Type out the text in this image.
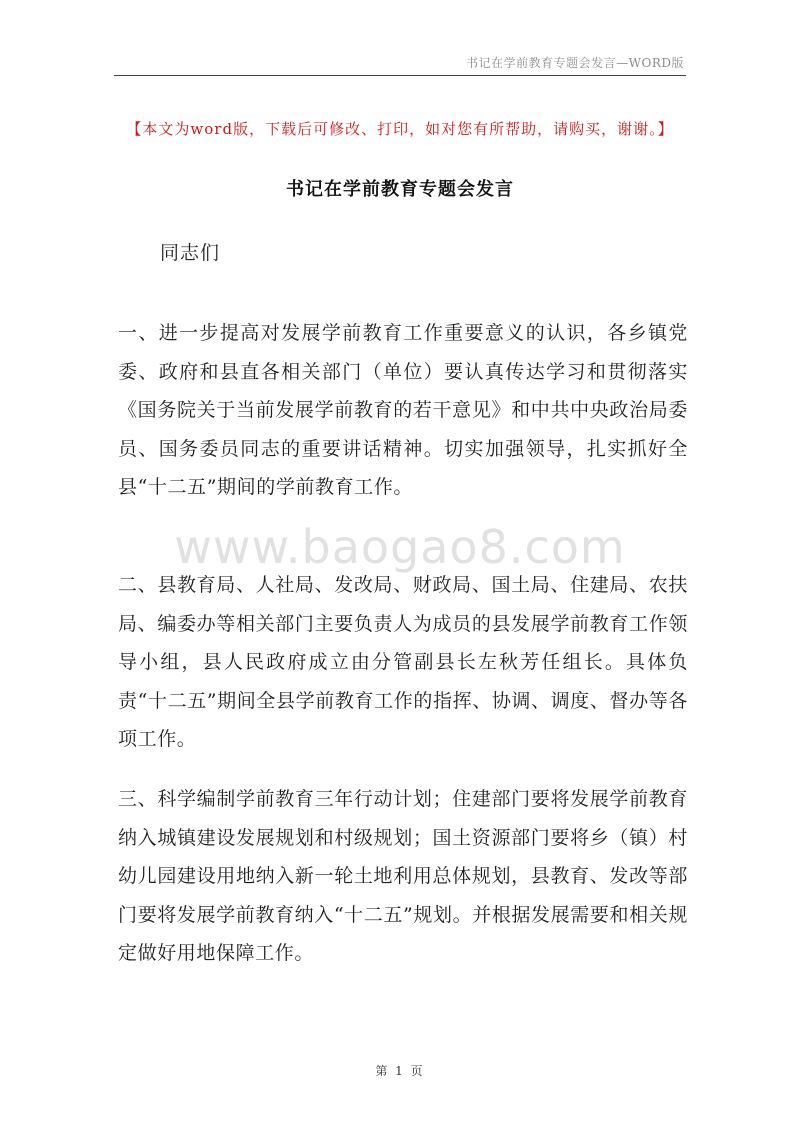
书记在学前教育专题会发言—WORD版
【本文为word版，下载后可修改、打印，如对您有所帮助，请购买，谢谢。】
书记在学前教育专题会发言
同志们

一、进一步提高对发展学前教育工作重要意义的认识，各乡镇党委、政府和县直各相关部门（单位）要认真传达学习和贯彻落实《国务院关于当前发展学前教育的若干意见》和中共中央政治局委员、国务委员同志的重要讲话精神。切实加强领导，扎实抓好全县“十二五”期间的学前教育工作。

www.baogao8.com

二、县教育局、人社局、发改局、财政局、国土局、住建局、农扶局、编委办等相关部门主要负责人为成员的县发展学前教育工作领导小组，县人民政府成立由分管副县长左秋芳任组长。具体负责“十二五”期间全县学前教育工作的指挥、协调、调度、督办等各项工作。

三、科学编制学前教育三年行动计划；住建部门要将发展学前教育纳入城镇建设发展规划和村级规划；国土资源部门要将乡（镇）村幼儿园建设用地纳入新一轮土地利用总体规划，县教育、发改等部门要将发展学前教育纳入“十二五”规划。并根据发展需要和相关规定做好用地保障工作。

第 1 页
